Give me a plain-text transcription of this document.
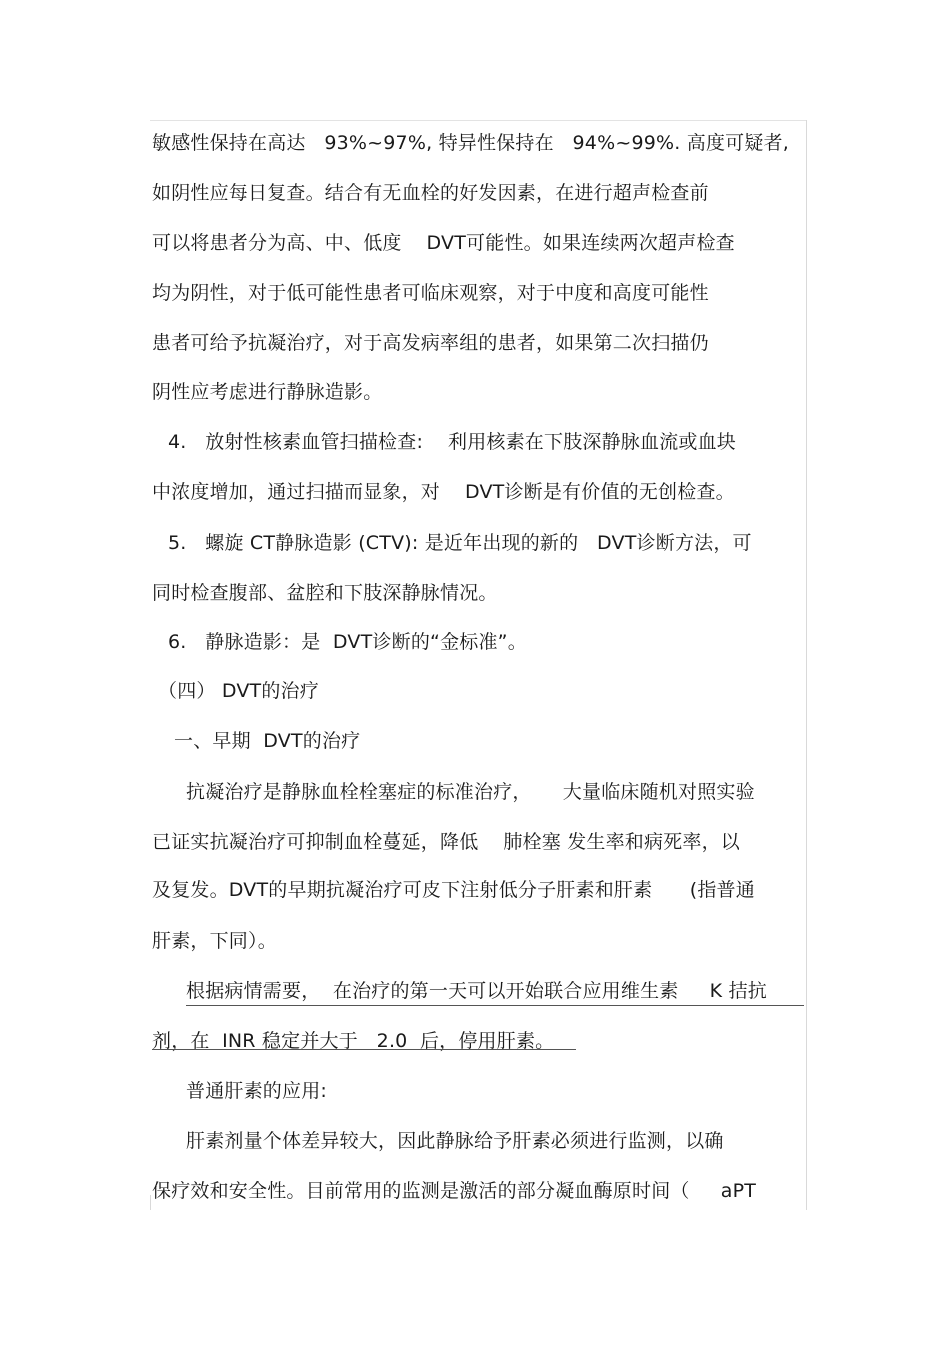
敏感性保持在高达   93%~97%, 特异性保持在   94%~99%. 高度可疑者,
如阴性应每日复查。结合有无血栓的好发因素，在进行超声检查前
可以将患者分为高、中、低度    DVT可能性。如果连续两次超声检查
均为阴性，对于低可能性患者可临床观察，对于中度和高度可能性
患者可给予抗凝治疗，对于高发病率组的患者，如果第二次扫描仍
阴性应考虑进行静脉造影。
4.   放射性核素血管扫描检查:    利用核素在下肢深静脉血流或血块
中浓度增加，通过扫描而显象，对    DVT诊断是有价值的无创检查。
5.   螺旋 CT静脉造影 (CTV): 是近年出现的新的   DVT诊断方法，可
同时检查腹部、盆腔和下肢深静脉情况。
6.   静脉造影：是  DVT诊断的“金标准”。
（四） DVT的治疗
一、早期  DVT的治疗
抗凝治疗是静脉血栓栓塞症的标准治疗，     大量临床随机对照实验
已证实抗凝治疗可抑制血栓蔓延，降低    肺栓塞 发生率和病死率，以
及复发。DVT的早期抗凝治疗可皮下注射低分子肝素和肝素      (指普通
肝素，下同）。
根据病情需要，  在治疗的第一天可以开始联合应用维生素     K 拮抗
剂，在  INR 稳定并大于   2.0  后，停用肝素。
普通肝素的应用:
肝素剂量个体差异较大，因此静脉给予肝素必须进行监测，以确
保疗效和安全性。目前常用的监测是激活的部分凝血酶原时间（     aPT
